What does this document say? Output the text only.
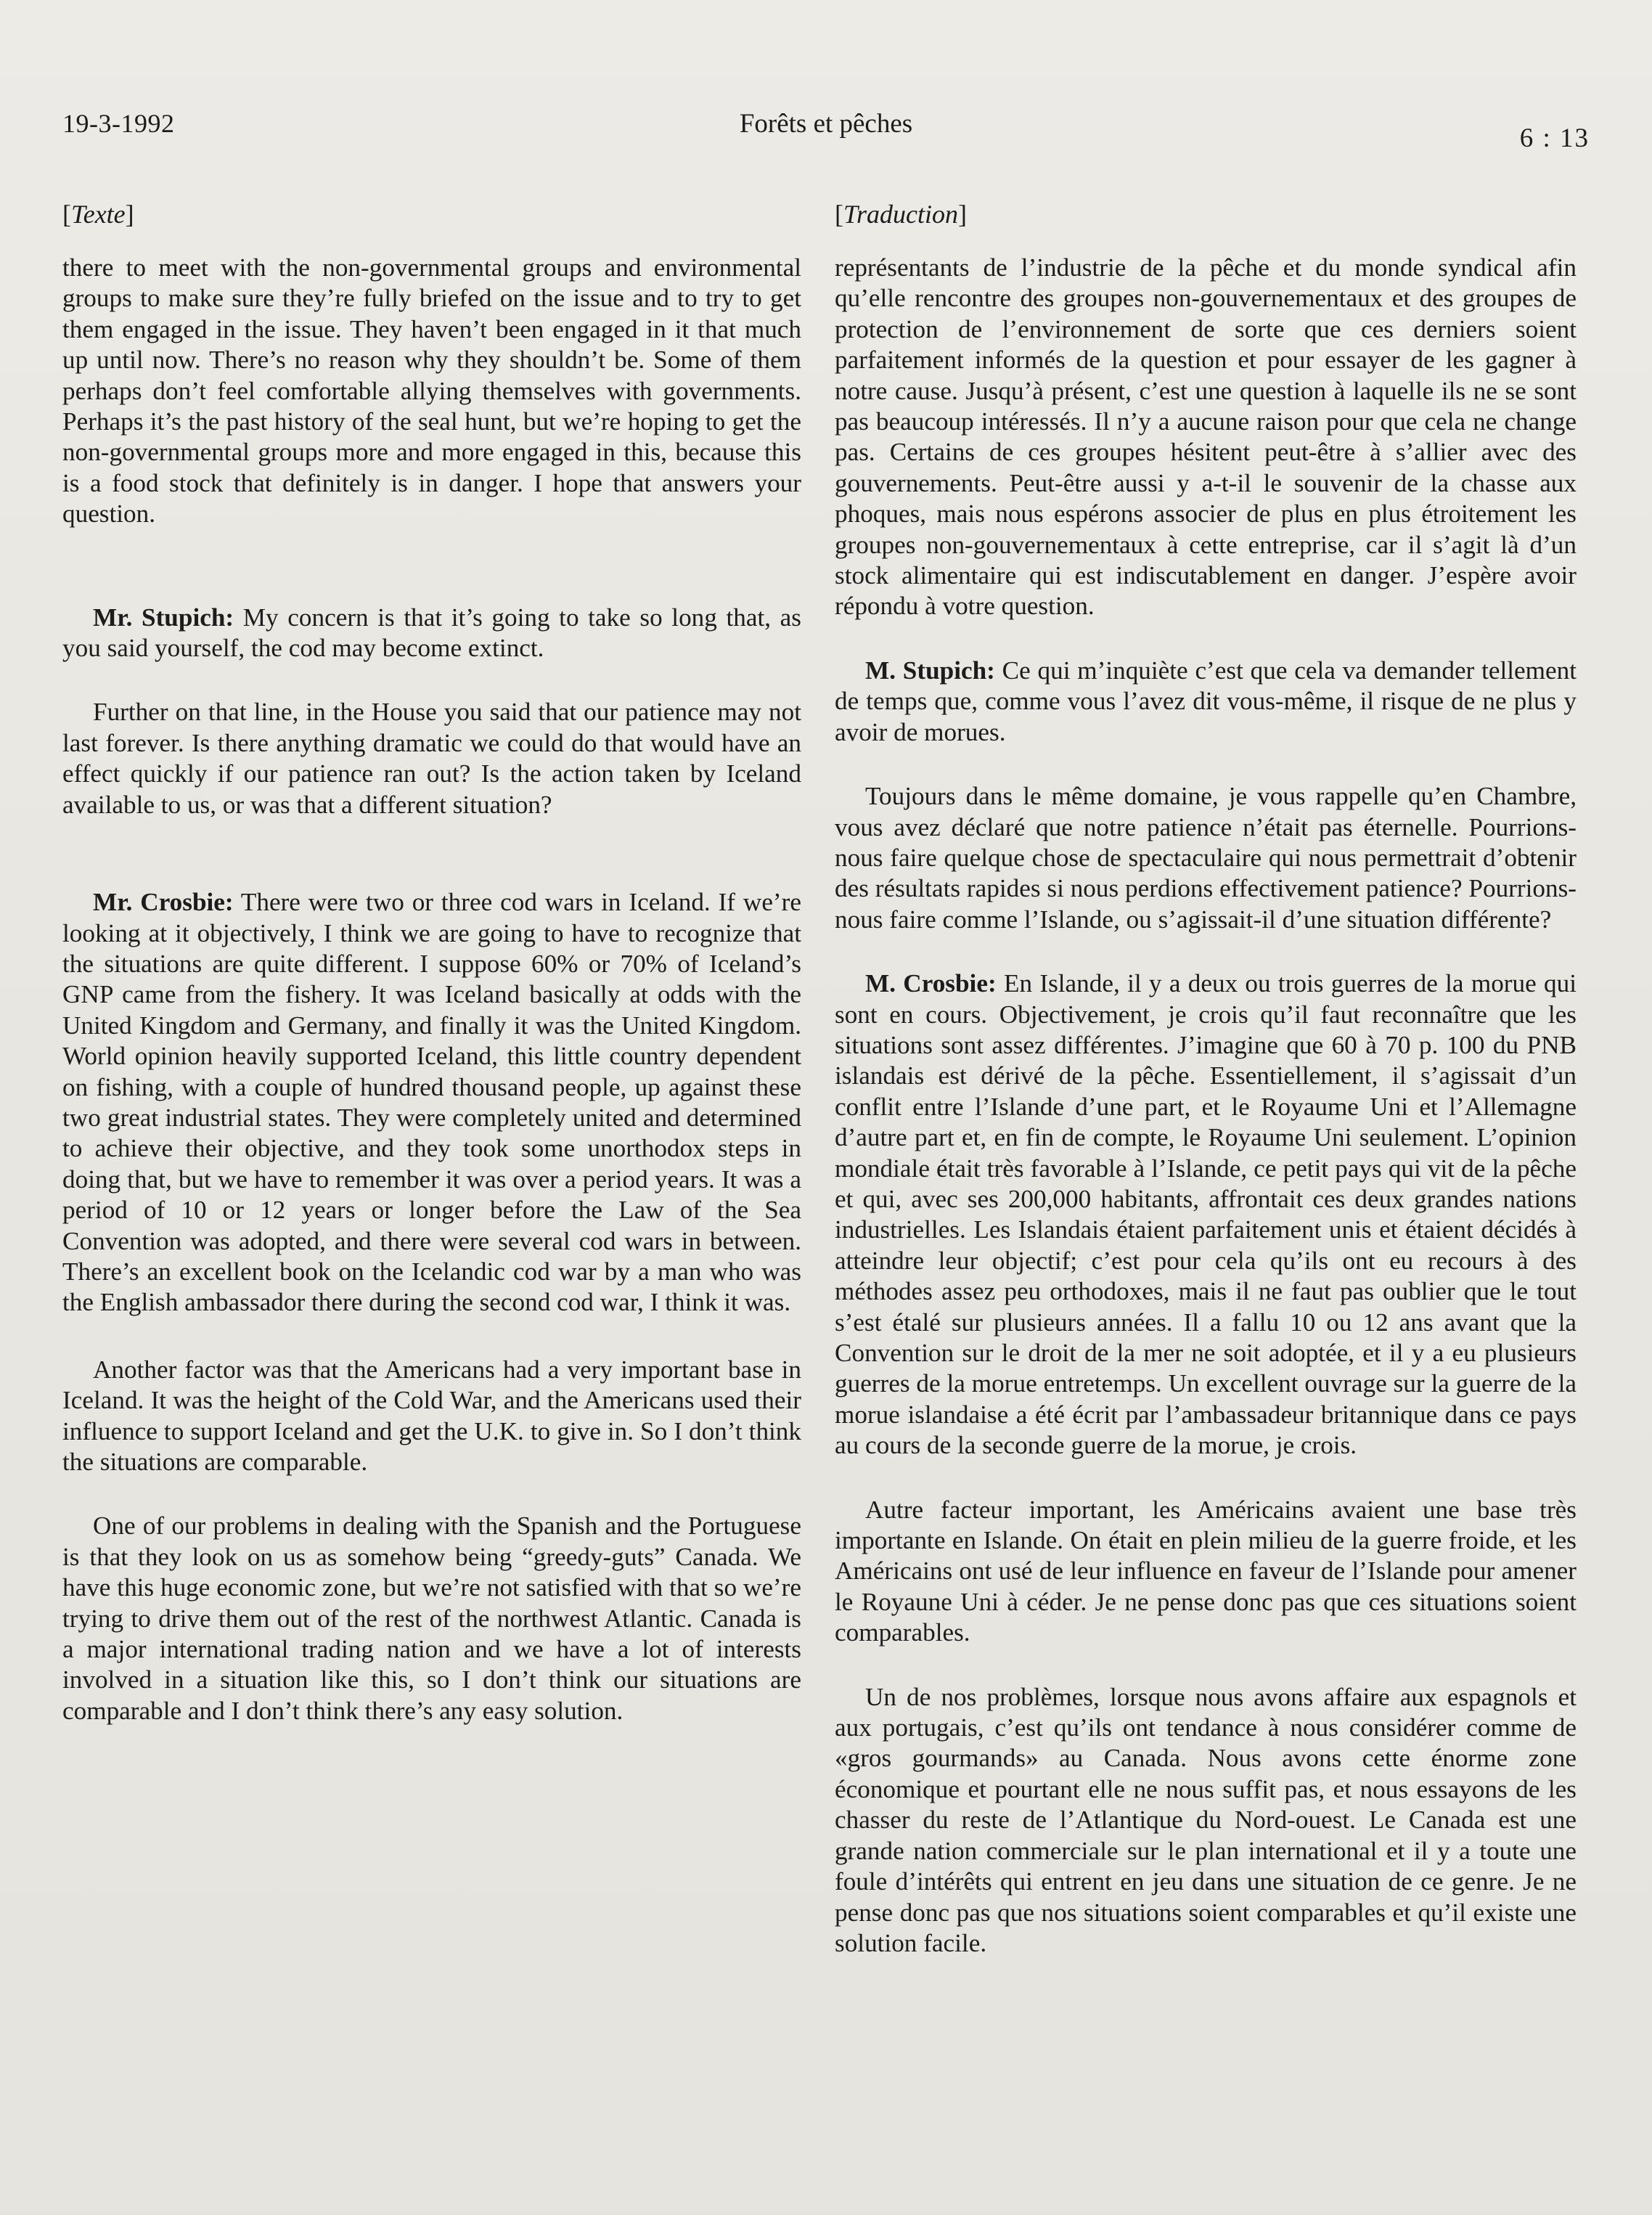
19-3-1992	Forêts et pêches	6 : 13
[Texte]

there to meet with the non-governmental groups and environmental groups to make sure they’re fully briefed on the issue and to try to get them engaged in the issue. They haven’t been engaged in it that much up until now. There’s no reason why they shouldn’t be. Some of them perhaps don’t feel comfortable allying themselves with governments. Perhaps it’s the past history of the seal hunt, but we’re hoping to get the non-governmental groups more and more engaged in this, because this is a food stock that definitely is in danger. I hope that answers your question.

Mr. Stupich: My concern is that it’s going to take so long that, as you said yourself, the cod may become extinct.

Further on that line, in the House you said that our patience may not last forever. Is there anything dramatic we could do that would have an effect quickly if our patience ran out? Is the action taken by Iceland available to us, or was that a different situation?

Mr. Crosbie: There were two or three cod wars in Iceland. If we’re looking at it objectively, I think we are going to have to recognize that the situations are quite different. I suppose 60% or 70% of Iceland’s GNP came from the fishery. It was Iceland basically at odds with the United Kingdom and Germany, and finally it was the United Kingdom. World opinion heavily supported Iceland, this little country dependent on fishing, with a couple of hundred thousand people, up against these two great industrial states. They were completely united and determined to achieve their objective, and they took some unorthodox steps in doing that, but we have to remember it was over a period years. It was a period of 10 or 12 years or longer before the Law of the Sea Convention was adopted, and there were several cod wars in between. There’s an excellent book on the Icelandic cod war by a man who was the English ambassador there during the second cod war, I think it was.

Another factor was that the Americans had a very important base in Iceland. It was the height of the Cold War, and the Americans used their influence to support Iceland and get the U.K. to give in. So I don’t think the situations are comparable.

One of our problems in dealing with the Spanish and the Portuguese is that they look on us as somehow being “greedy-guts” Canada. We have this huge economic zone, but we’re not satisfied with that so we’re trying to drive them out of the rest of the northwest Atlantic. Canada is a major international trading nation and we have a lot of interests involved in a situation like this, so I don’t think our situations are comparable and I don’t think there’s any easy solution.

[Traduction]

représentants de l’industrie de la pêche et du monde syndical afin qu’elle rencontre des groupes non-gouvernementaux et des groupes de protection de l’environnement de sorte que ces derniers soient parfaitement informés de la question et pour essayer de les gagner à notre cause. Jusqu’à présent, c’est une question à laquelle ils ne se sont pas beaucoup intéressés. Il n’y a aucune raison pour que cela ne change pas. Certains de ces groupes hésitent peut-être à s’allier avec des gouvernements. Peut-être aussi y a-t-il le souvenir de la chasse aux phoques, mais nous espérons associer de plus en plus étroitement les groupes non-gouvernementaux à cette entreprise, car il s’agit là d’un stock alimentaire qui est indiscutablement en danger. J’espère avoir répondu à votre question.

M. Stupich: Ce qui m’inquiète c’est que cela va demander tellement de temps que, comme vous l’avez dit vous-même, il risque de ne plus y avoir de morues.

Toujours dans le même domaine, je vous rappelle qu’en Chambre, vous avez déclaré que notre patience n’était pas éternelle. Pourrions-nous faire quelque chose de spectaculaire qui nous permettrait d’obtenir des résultats rapides si nous perdions effectivement patience? Pourrions-nous faire comme l’Islande, ou s’agissait-il d’une situation différente?

M. Crosbie: En Islande, il y a deux ou trois guerres de la morue qui sont en cours. Objectivement, je crois qu’il faut reconnaître que les situations sont assez différentes. J’imagine que 60 à 70 p. 100 du PNB islandais est dérivé de la pêche. Essentiellement, il s’agissait d’un conflit entre l’Islande d’une part, et le Royaume Uni et l’Allemagne d’autre part et, en fin de compte, le Royaume Uni seulement. L’opinion mondiale était très favorable à l’Islande, ce petit pays qui vit de la pêche et qui, avec ses 200,000 habitants, affrontait ces deux grandes nations industrielles. Les Islandais étaient parfaitement unis et étaient décidés à atteindre leur objectif; c’est pour cela qu’ils ont eu recours à des méthodes assez peu orthodoxes, mais il ne faut pas oublier que le tout s’est étalé sur plusieurs années. Il a fallu 10 ou 12 ans avant que la Convention sur le droit de la mer ne soit adoptée, et il y a eu plusieurs guerres de la morue entretemps. Un excellent ouvrage sur la guerre de la morue islandaise a été écrit par l’ambassadeur britannique dans ce pays au cours de la seconde guerre de la morue, je crois.

Autre facteur important, les Américains avaient une base très importante en Islande. On était en plein milieu de la guerre froide, et les Américains ont usé de leur influence en faveur de l’Islande pour amener le Royaune Uni à céder. Je ne pense donc pas que ces situations soient comparables.

Un de nos problèmes, lorsque nous avons affaire aux espagnols et aux portugais, c’est qu’ils ont tendance à nous considérer comme de «gros gourmands» au Canada. Nous avons cette énorme zone économique et pourtant elle ne nous suffit pas, et nous essayons de les chasser du reste de l’Atlantique du Nord-ouest. Le Canada est une grande nation commerciale sur le plan international et il y a toute une foule d’intérêts qui entrent en jeu dans une situation de ce genre. Je ne pense donc pas que nos situations soient comparables et qu’il existe une solution facile.
